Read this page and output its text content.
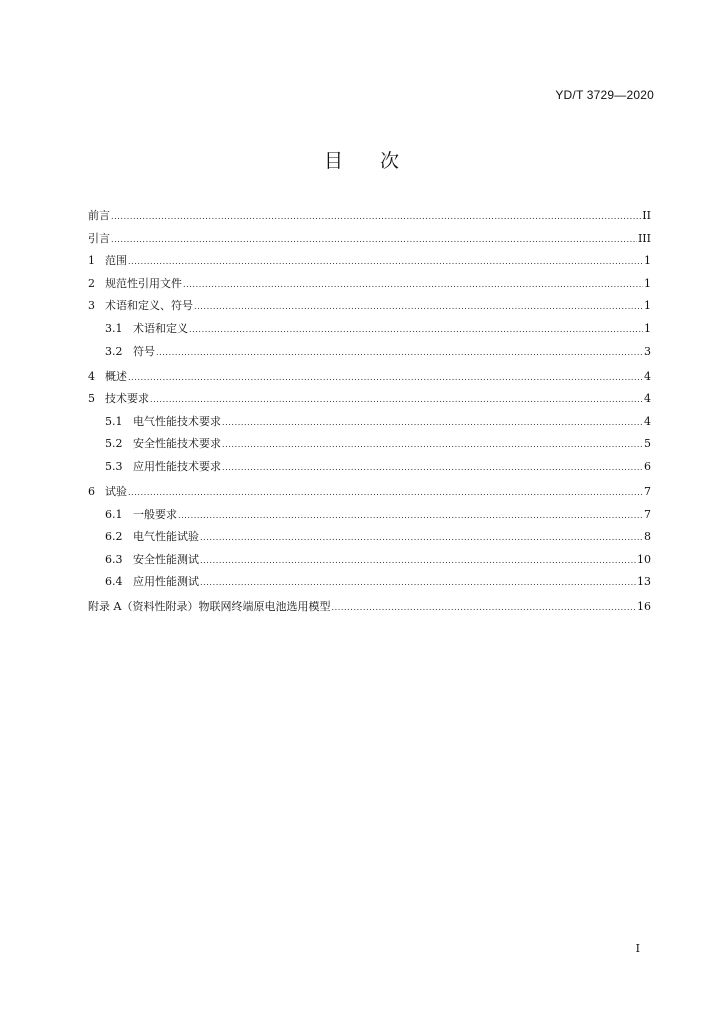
YD/T 3729—2020
目 次
前言 .....	II
引言 .....	III
1 范围 .....	1
2 规范性引用文件 .....	1
3 术语和定义、符号 .....	1
3.1 术语和定义 .....	1
3.2 符号 .....	3
4 概述 .....	4
5 技术要求 .....	4
5.1 电气性能技术要求 .....	4
5.2 安全性能技术要求 .....	5
5.3 应用性能技术要求 .....	6
6 试验 .....	7
6.1 一般要求 .....	7
6.2 电气性能试验 .....	8
6.3 安全性能测试 .....	10
6.4 应用性能测试 .....	13
附录 A（资料性附录）物联网终端原电池选用模型 .....	16
I
